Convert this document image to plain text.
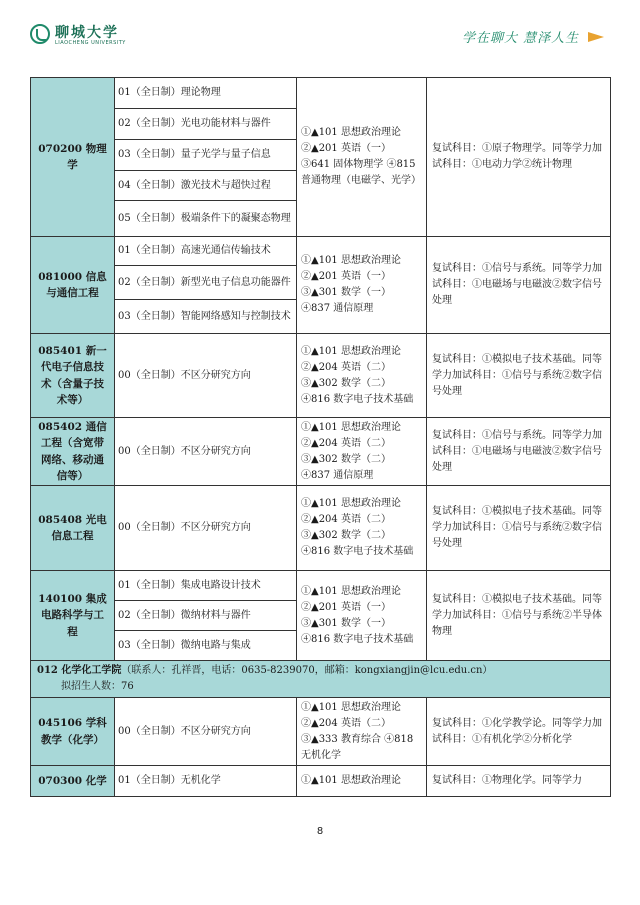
聊城大学
LIAOCHENG UNIVERSITY	学在聊大 慧泽人生
070200 物理学	01（全日制）理论物理	①▲101 思想政治理论 ②▲201 英语（一） ③641 固体物理学 ④815 普通物理（电磁学、光学）	复试科目：①原子物理学。同等学力加试科目：①电动力学②统计物理
	02（全日制）光电功能材料与器件		
	03（全日制）量子光学与量子信息		
	04（全日制）激光技术与超快过程		
	05（全日制）极端条件下的凝聚态物理		
081000 信息与通信工程	01（全日制）高速光通信传输技术	①▲101 思想政治理论 ②▲201 英语（一） ③▲301 数学（一） ④837 通信原理	复试科目：①信号与系统。同等学力加试科目：①电磁场与电磁波②数字信号处理
	02（全日制）新型光电子信息功能器件		
	03（全日制）智能网络感知与控制技术		
085401 新一代电子信息技术（含量子技术等）	00（全日制）不区分研究方向	①▲101 思想政治理论 ②▲204 英语（二） ③▲302 数学（二） ④816 数字电子技术基础	复试科目：①模拟电子技术基础。同等学力加试科目：①信号与系统②数字信号处理
085402 通信工程（含宽带网络、移动通信等）	00（全日制）不区分研究方向	①▲101 思想政治理论 ②▲204 英语（二） ③▲302 数学（二） ④837 通信原理	复试科目：①信号与系统。同等学力加试科目：①电磁场与电磁波②数字信号处理
085408 光电信息工程	00（全日制）不区分研究方向	①▲101 思想政治理论 ②▲204 英语（二） ③▲302 数学（二） ④816 数字电子技术基础	复试科目：①模拟电子技术基础。同等学力加试科目：①信号与系统②数字信号处理
140100 集成电路科学与工程	01（全日制）集成电路设计技术	①▲101 思想政治理论 ②▲201 英语（一） ③▲301 数学（一） ④816 数字电子技术基础	复试科目：①模拟电子技术基础。同等学力加试科目：①信号与系统②半导体物理
	02（全日制）微纳材料与器件		
	03（全日制）微纳电路与集成		
012 化学化工学院（联系人：孔祥晋，电话：0635-8239070，邮箱：kongxiangjin@lcu.edu.cn）
拟招生人数：76			
045106 学科教学（化学）	00（全日制）不区分研究方向	①▲101 思想政治理论 ②▲204 英语（二） ③▲333 教育综合 ④818 无机化学	复试科目：①化学教学论。同等学力加试科目：①有机化学②分析化学
070300 化学	01（全日制）无机化学	①▲101 思想政治理论	复试科目：①物理化学。同等学力
8
